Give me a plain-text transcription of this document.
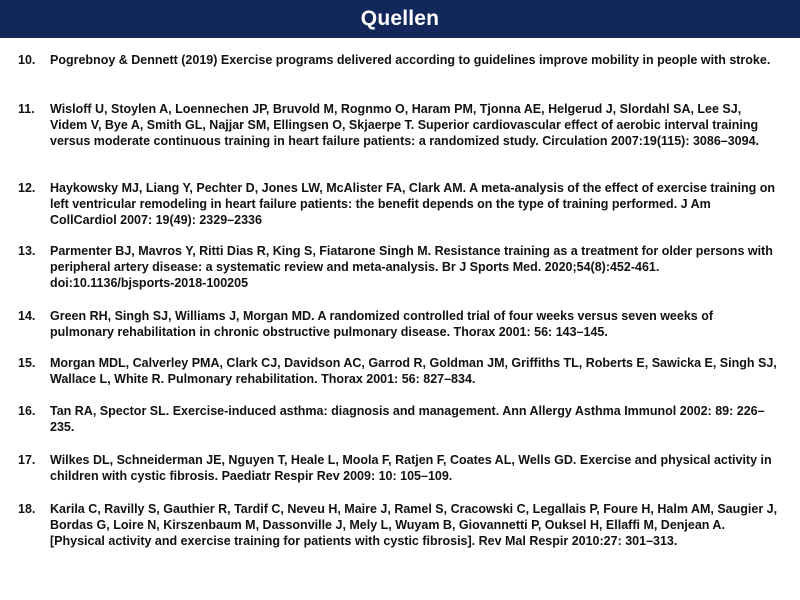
Quellen
10.	Pogrebnoy & Dennett (2019) Exercise programs delivered according to guidelines improve mobility in people with stroke.
11.	Wisloff U, Stoylen A, Loennechen JP, Bruvold M, Rognmo O, Haram PM, Tjonna AE, Helgerud J, Slordahl SA, Lee SJ, Videm V, Bye A, Smith GL, Najjar SM, Ellingsen O, Skjaerpe T. Superior cardiovascular effect of aerobic interval training versus moderate continuous training in heart failure patients: a randomized study. Circulation 2007:19(115): 3086–3094.
12.	Haykowsky MJ, Liang Y, Pechter D, Jones LW, McAlister FA, Clark AM. A meta-analysis of the effect of exercise training on left ventricular remodeling in heart failure patients: the benefit depends on the type of training performed. J Am CollCardiol 2007: 19(49): 2329–2336
13.	Parmenter BJ, Mavros Y, Ritti Dias R, King S, Fiatarone Singh M. Resistance training as a treatment for older persons with peripheral artery disease: a systematic review and meta-analysis. Br J Sports Med. 2020;54(8):452-461. doi:10.1136/bjsports-2018-100205
14.	Green RH, Singh SJ, Williams J, Morgan MD. A randomized controlled trial of four weeks versus seven weeks of pulmonary rehabilitation in chronic obstructive pulmonary disease. Thorax 2001: 56: 143–145.
15.	Morgan MDL, Calverley PMA, Clark CJ, Davidson AC, Garrod R, Goldman JM, Griffiths TL, Roberts E, Sawicka E, Singh SJ, Wallace L, White R. Pulmonary rehabilitation. Thorax 2001: 56: 827–834.
16.	Tan RA, Spector SL. Exercise-induced asthma: diagnosis and management. Ann Allergy Asthma Immunol 2002: 89: 226–235.
17.	Wilkes DL, Schneiderman JE, Nguyen T, Heale L, Moola F, Ratjen F, Coates AL, Wells GD. Exercise and physical activity in children with cystic fibrosis. Paediatr Respir Rev 2009: 10: 105–109.
18.	Karila C, Ravilly S, Gauthier R, Tardif C, Neveu H, Maire J, Ramel S, Cracowski C, Legallais P, Foure H, Halm AM, Saugier J, Bordas G, Loire N, Kirszenbaum M, Dassonville J, Mely L, Wuyam B, Giovannetti P, Ouksel H, Ellaffi M, Denjean A. [Physical activity and exercise training for patients with cystic fibrosis]. Rev Mal Respir 2010:27: 301–313.
